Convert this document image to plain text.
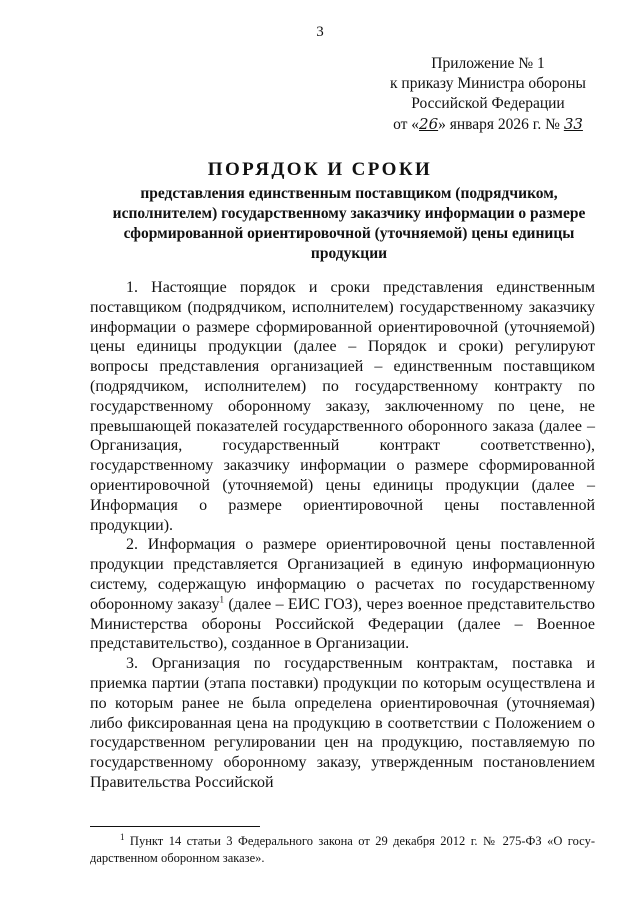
3
Приложение № 1
к приказу Министра обороны
Российской Федерации
от «26» января 2026 г. № 33
ПОРЯДОК И СРОКИ
представления единственным поставщиком (подрядчиком, исполнителем) государственному заказчику информации о размере сформированной ориентировочной (уточняемой) цены единицы продукции

1. Настоящие порядок и сроки представления единственным поставщиком (подрядчиком, исполнителем) государственному заказчику информации о размере сформированной ориентировочной (уточняемой) цены единицы продукции (далее – Порядок и сроки) регулируют вопросы представления организацией – единственным поставщиком (подрядчиком, исполнителем) по государственному контракту по государственному оборонному заказу, заключенному по цене, не превышающей показателей государственного оборонного заказа (далее – Организация, государственный контракт соответственно), государственному заказчику информации о размере сформированной ориентировочной (уточняемой) цены единицы продукции (далее – Информация о размере ориентировочной цены поставленной продукции).

2. Информация о размере ориентировочной цены поставленной продукции представляется Организацией в единую информационную систему, содержащую информацию о расчетах по государственному оборонному заказу$^1$ (далее – ЕИС ГОЗ), через военное представительство Министерства обороны Российской Федерации (далее – Военное представительство), созданное в Организации.

3. Организация по государственным контрактам, поставка и приемка партии (этапа поставки) продукции по которым осуществлена и по которым ранее не была определена ориентировочная (уточняемая) либо фиксированная цена на продукцию в соответствии с Положением о государственном регулировании цен на продукцию, поставляемую по государственному оборонному заказу, утвержденным постановлением Правительства Российской

$^1$ Пункт 14 статьи 3 Федерального закона от 29 декабря 2012 г. № 275-ФЗ «О государственном оборонном заказе».
